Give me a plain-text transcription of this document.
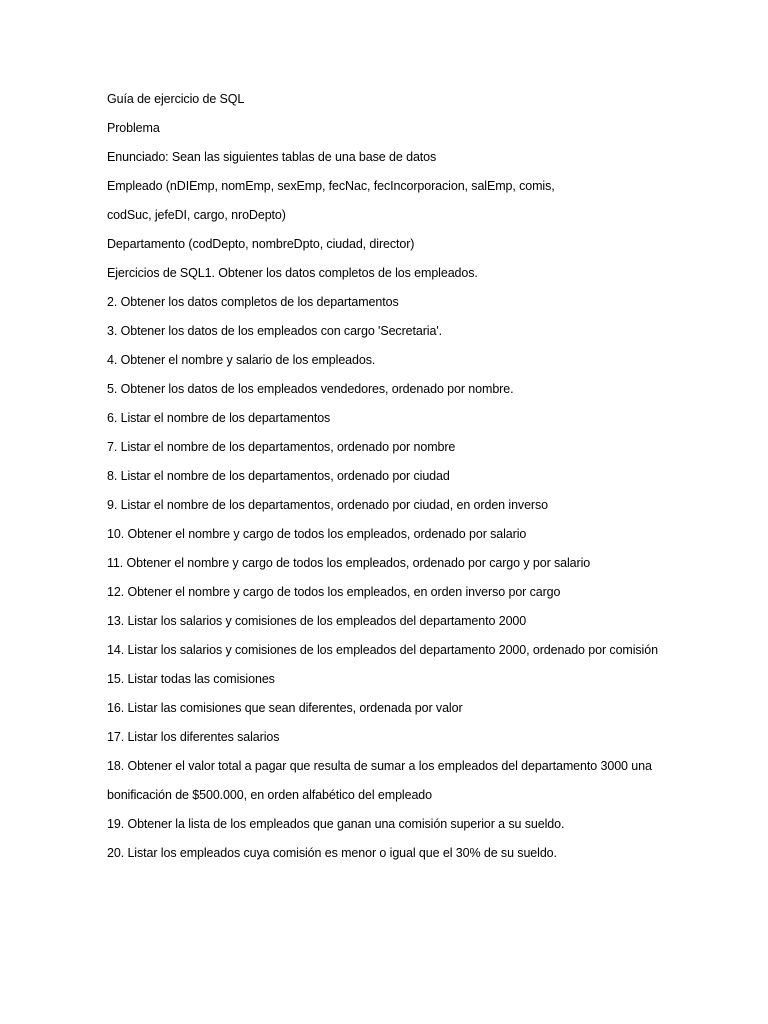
Guía de ejercicio de SQL

Problema

Enunciado: Sean las siguientes tablas de una base de datos

Empleado (nDIEmp, nomEmp, sexEmp, fecNac, fecIncorporacion, salEmp, comis,

codSuc, jefeDI, cargo, nroDepto)

Departamento (codDepto, nombreDpto, ciudad, director)

Ejercicios de SQL1. Obtener los datos completos de los empleados.

2. Obtener los datos completos de los departamentos

3. Obtener los datos de los empleados con cargo 'Secretaria'.

4. Obtener el nombre y salario de los empleados.

5. Obtener los datos de los empleados vendedores, ordenado por nombre.

6. Listar el nombre de los departamentos

7. Listar el nombre de los departamentos, ordenado por nombre

8. Listar el nombre de los departamentos, ordenado por ciudad

9. Listar el nombre de los departamentos, ordenado por ciudad, en orden inverso

10. Obtener el nombre y cargo de todos los empleados, ordenado por salario

11. Obtener el nombre y cargo de todos los empleados, ordenado por cargo y por salario

12. Obtener el nombre y cargo de todos los empleados, en orden inverso por cargo

13. Listar los salarios y comisiones de los empleados del departamento 2000

14. Listar los salarios y comisiones de los empleados del departamento 2000, ordenado por comisión

15. Listar todas las comisiones

16. Listar las comisiones que sean diferentes, ordenada por valor

17. Listar los diferentes salarios

18. Obtener el valor total a pagar que resulta de sumar a los empleados del departamento 3000 una

bonificación de $500.000, en orden alfabético del empleado

19. Obtener la lista de los empleados que ganan una comisión superior a su sueldo.

20. Listar los empleados cuya comisión es menor o igual que el 30% de su sueldo.
